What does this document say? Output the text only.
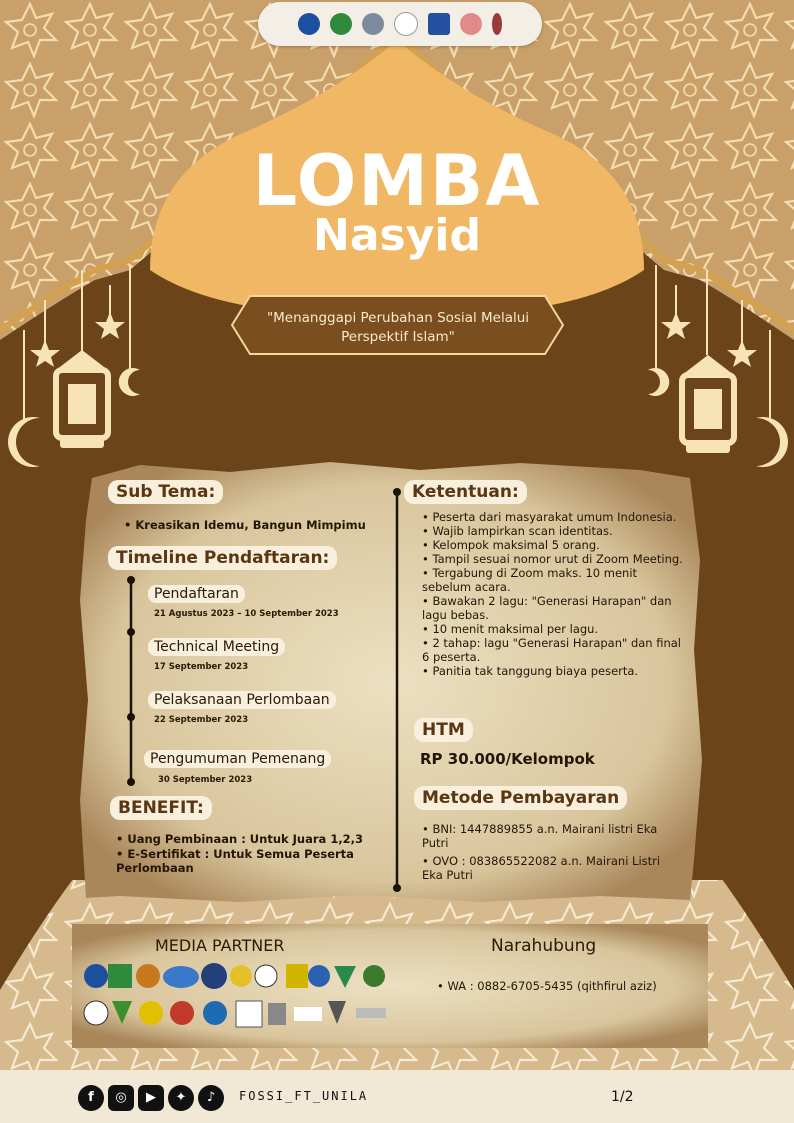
LOMBA
Nasyid
"Menanggapi Perubahan Sosial Melalui Perspektif Islam"
Sub Tema:
• Kreasikan Idemu, Bangun Mimpimu
Timeline Pendaftaran:
Pendaftaran
21 Agustus 2023 – 10 September 2023
Technical Meeting
17 September 2023
Pelaksanaan Perlombaan
22 September 2023
Pengumuman Pemenang
30 September 2023
BENEFIT:
• Uang Pembinaan : Untuk Juara 1,2,3
• E-Sertifikat : Untuk Semua Peserta Perlombaan
Ketentuan:
• Peserta dari masyarakat umum Indonesia.
• Wajib lampirkan scan identitas.
• Kelompok maksimal 5 orang.
• Tampil sesuai nomor urut di Zoom Meeting.
• Tergabung di Zoom maks. 10 menit sebelum acara.
• Bawakan 2 lagu: "Generasi Harapan" dan lagu bebas.
• 10 menit maksimal per lagu.
• 2 tahap: lagu "Generasi Harapan" dan final 6 peserta.
• Panitia tak tanggung biaya peserta.
HTM
RP 30.000/Kelompok
Metode Pembayaran
• BNI: 1447889855 a.n. Mairani listri Eka Putri
• OVO : 083865522082 a.n. Mairani Listri Eka Putri
MEDIA PARTNER	Narahubung
• WA : 0882-6705-5435 (qithfirul aziz)
f	◎	▶	✦	♪	FOSSI_FT_UNILA	1/2
